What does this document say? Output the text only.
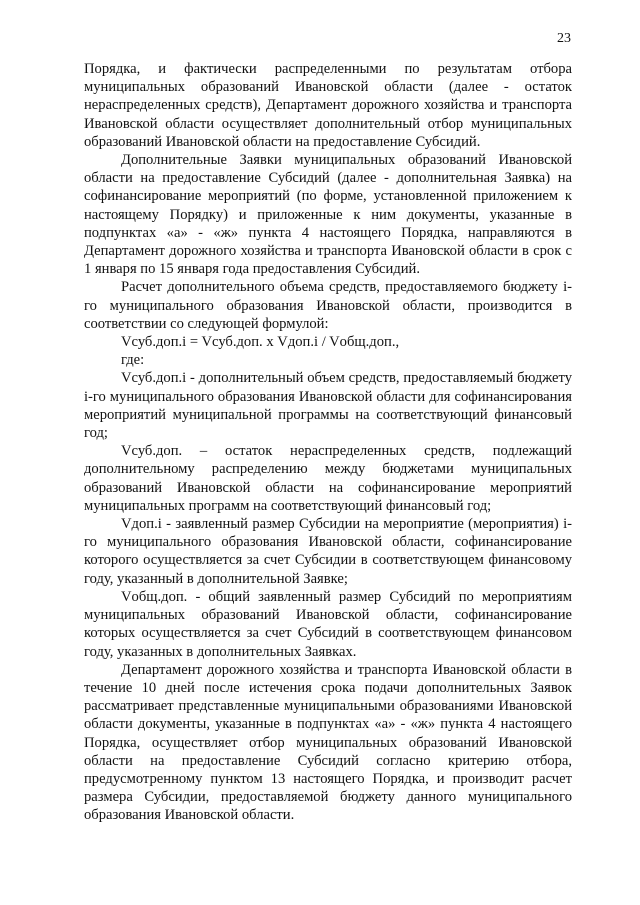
23

Порядка, и фактически распределенными по результатам отбора муниципальных образований Ивановской области (далее - остаток нераспределенных средств), Департамент дорожного хозяйства и транспорта Ивановской области осуществляет дополнительный отбор муниципальных образований Ивановской области на предоставление Субсидий.

Дополнительные Заявки муниципальных образований Ивановской области на предоставление Субсидий (далее - дополнительная Заявка) на софинансирование мероприятий (по форме, установленной приложением к настоящему Порядку) и приложенные к ним документы, указанные в подпунктах «а» - «ж» пункта 4 настоящего Порядка, направляются в Департамент дорожного хозяйства и транспорта Ивановской области в срок с 1 января по 15 января года предоставления Субсидий.

Расчет дополнительного объема средств, предоставляемого бюджету i-го муниципального образования Ивановской области, производится в соответствии со следующей формулой:

Vсуб.доп.i = Vсуб.доп. х Vдоп.i / Vобщ.доп.,

где:

Vсуб.доп.i - дополнительный объем средств, предоставляемый бюджету i-го муниципального образования Ивановской области для софинансирования мероприятий муниципальной программы на соответствующий финансовый год;

Vсуб.доп. – остаток нераспределенных средств, подлежащий дополнительному распределению между бюджетами муниципальных образований Ивановской области на софинансирование мероприятий муниципальных программ на соответствующий финансовый год;

Vдоп.i - заявленный размер Субсидии на мероприятие (мероприятия) i-го муниципального образования Ивановской области, софинансирование которого осуществляется за счет Субсидии в соответствующем финансовому году, указанный в дополнительной Заявке;

Vобщ.доп. - общий заявленный размер Субсидий по мероприятиям муниципальных образований Ивановской области, софинансирование которых осуществляется за счет Субсидий в соответствующем финансовом году, указанных в дополнительных Заявках.

Департамент дорожного хозяйства и транспорта Ивановской области в течение 10 дней после истечения срока подачи дополнительных Заявок рассматривает представленные муниципальными образованиями Ивановской области документы, указанные в подпунктах «а» - «ж» пункта 4 настоящего Порядка, осуществляет отбор муниципальных образований Ивановской области на предоставление Субсидий согласно критерию отбора, предусмотренному пунктом 13 настоящего Порядка, и производит расчет размера Субсидии, предоставляемой бюджету данного муниципального образования Ивановской области.
